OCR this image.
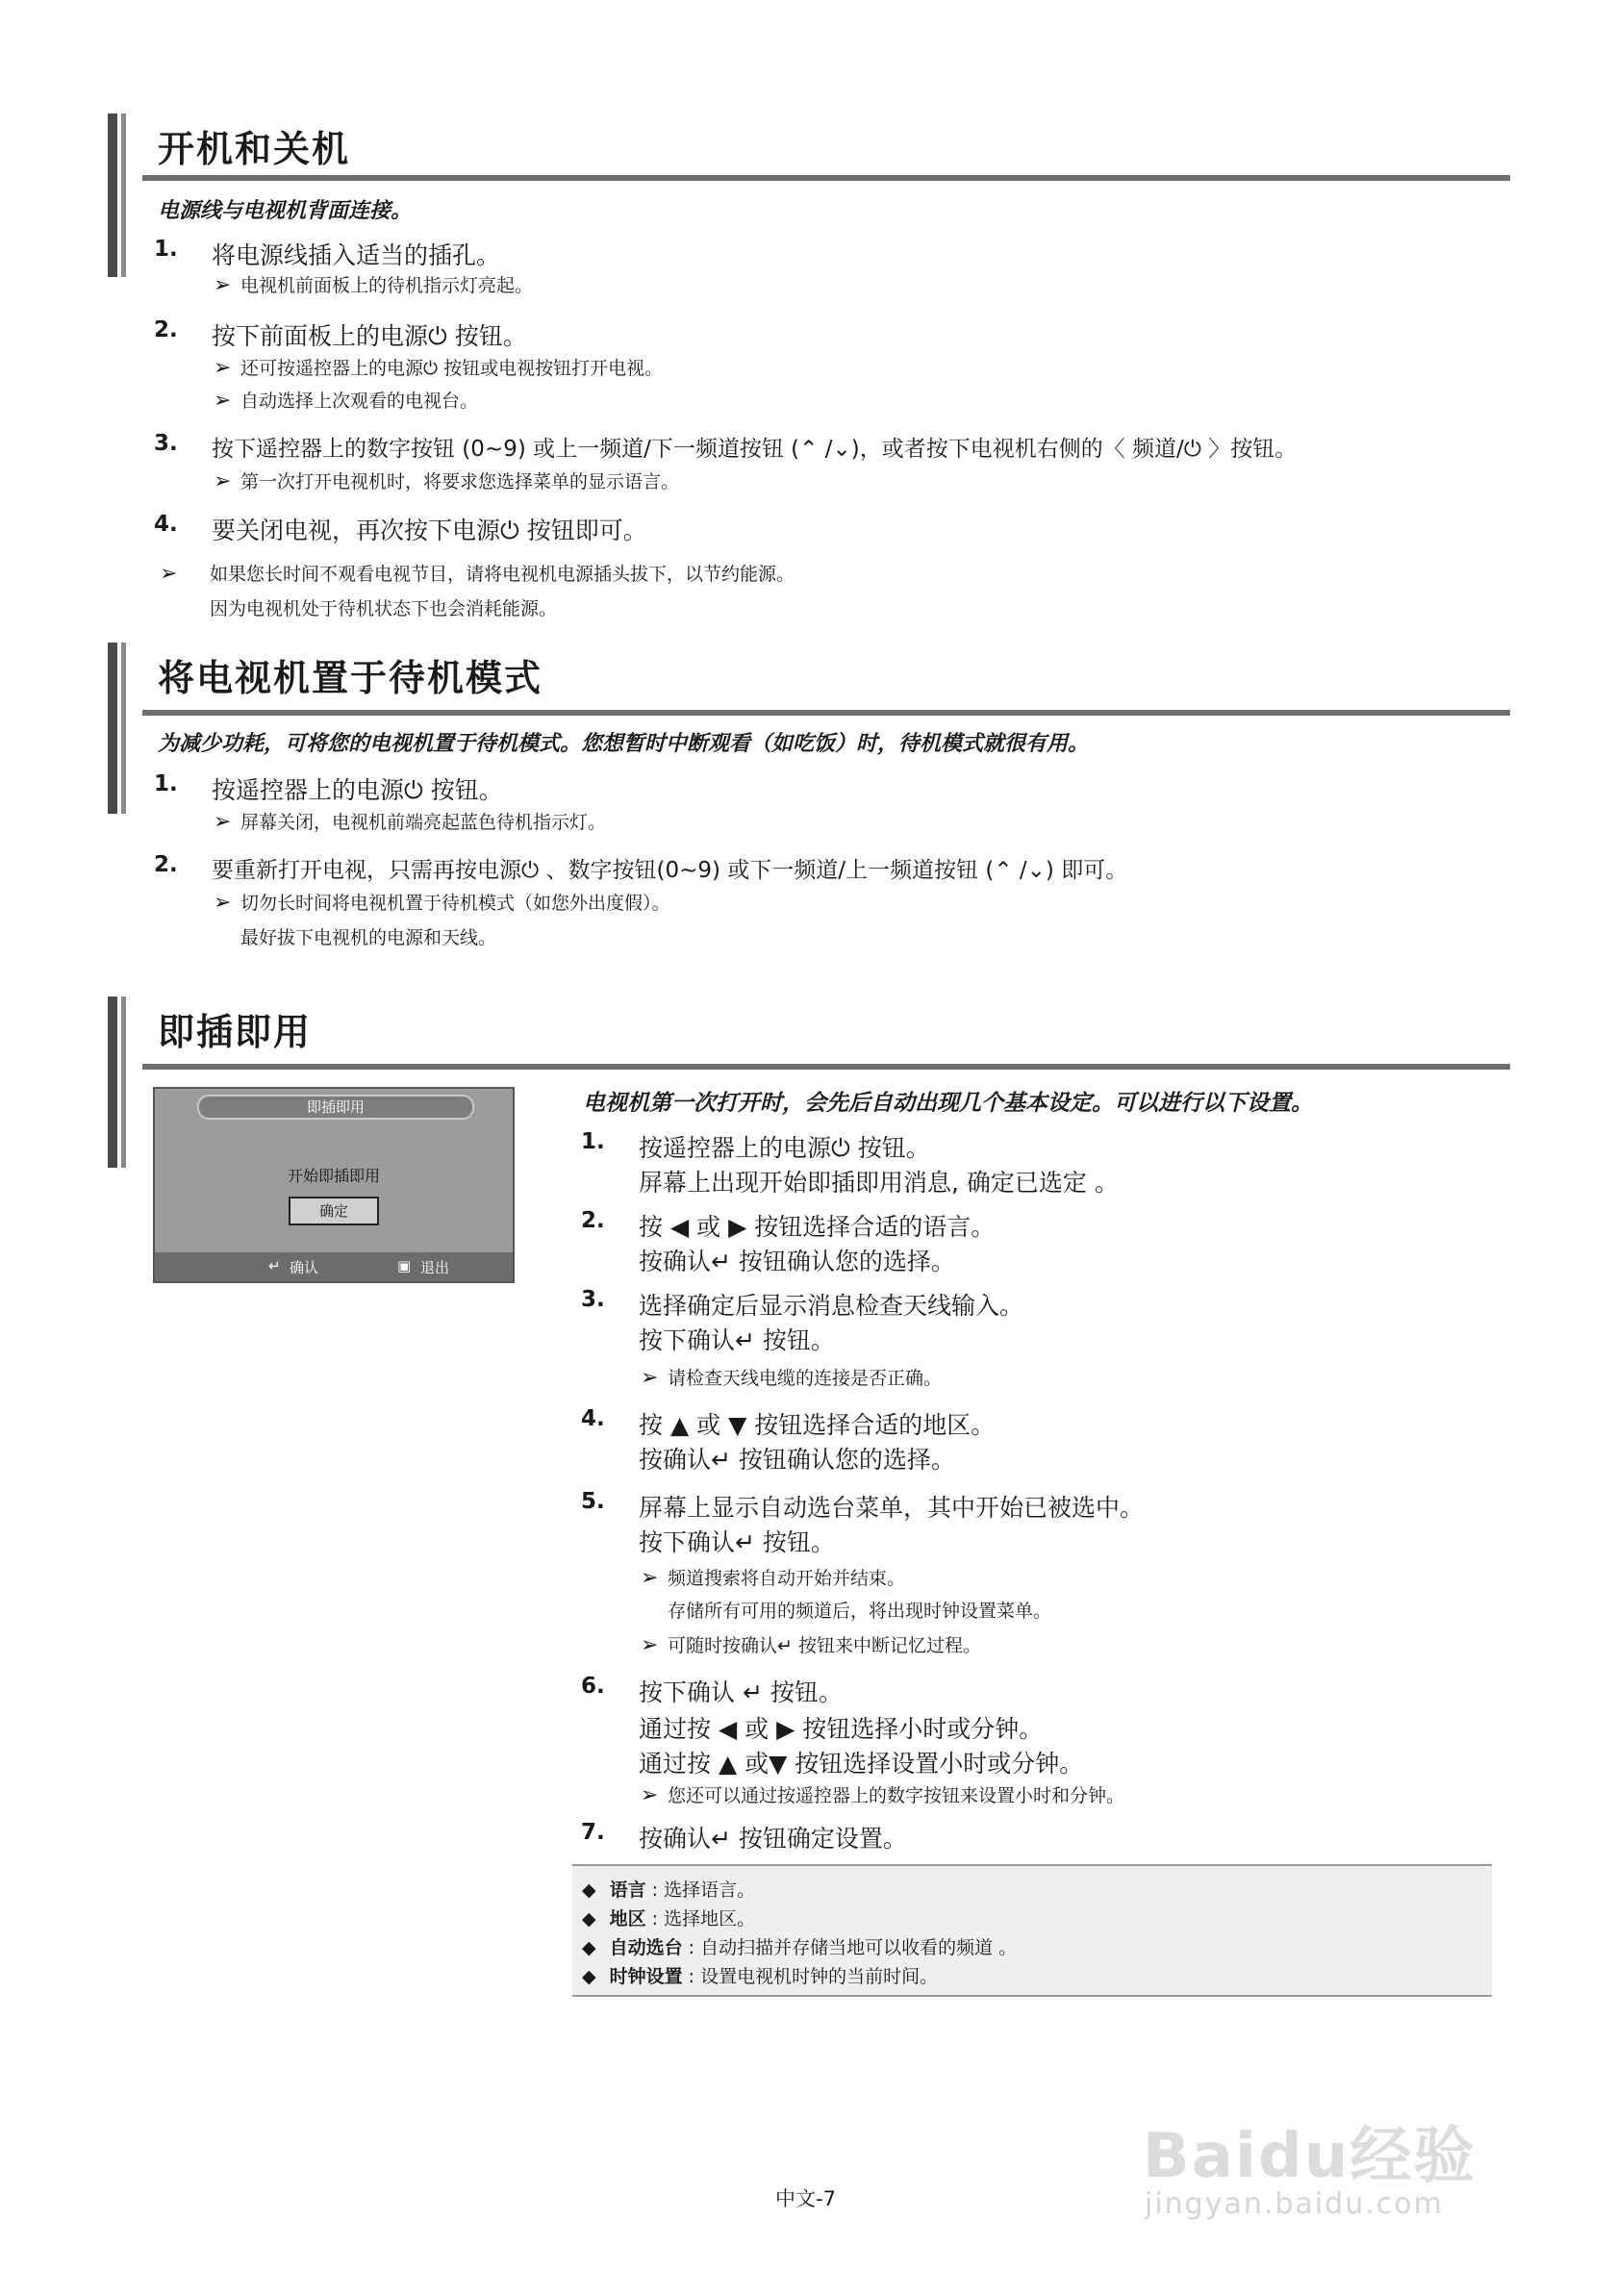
开机和关机
电源线与电视机背面连接。
1. 将电源线插入适当的插孔。
➢ 电视机前面板上的待机指示灯亮起。
2. 按下前面板上的电源⏻ 按钮。
➢ 还可按遥控器上的电源⏻ 按钮或电视按钮打开电视。
➢ 自动选择上次观看的电视台。
3. 按下遥控器上的数字按钮 (0~9) 或上一频道/下一频道按钮 (⌃ /⌄)，或者按下电视机右侧的〈 频道/⏻ 〉按钮。
➢ 第一次打开电视机时，将要求您选择菜单的显示语言。
4. 要关闭电视，再次按下电源⏻ 按钮即可。
➢ 如果您长时间不观看电视节目，请将电视机电源插头拔下，以节约能源。
因为电视机处于待机状态下也会消耗能源。
将电视机置于待机模式
为减少功耗，可将您的电视机置于待机模式。您想暂时中断观看（如吃饭）时，待机模式就很有用。
1. 按遥控器上的电源⏻ 按钮。
➢ 屏幕关闭，电视机前端亮起蓝色待机指示灯。
2. 要重新打开电视，只需再按电源⏻ 、数字按钮(0~9) 或下一频道/上一频道按钮 (⌃ /⌄) 即可。
➢ 切勿长时间将电视机置于待机模式（如您外出度假）。
最好拔下电视机的电源和天线。
即插即用
电视机第一次打开时，会先后自动出现几个基本设定。可以进行以下设置。
即插即用
开始即插即用
确定
↵ 确认	▣ 退出
1. 按遥控器上的电源⏻ 按钮。
屏幕上出现开始即插即用消息, 确定已选定 。
2. 按 ◀ 或 ▶ 按钮选择合适的语言。
按确认↵ 按钮确认您的选择。
3. 选择确定后显示消息检查天线输入。
按下确认↵ 按钮。
➢ 请检查天线电缆的连接是否正确。
4. 按 ▲ 或 ▼ 按钮选择合适的地区。
按确认↵ 按钮确认您的选择。
5. 屏幕上显示自动选台菜单，其中开始已被选中。
按下确认↵ 按钮。
➢ 频道搜索将自动开始并结束。
存储所有可用的频道后，将出现时钟设置菜单。
➢ 可随时按确认↵ 按钮来中断记忆过程。
6. 按下确认 ↵ 按钮。
通过按 ◀ 或 ▶ 按钮选择小时或分钟。
通过按 ▲ 或▼ 按钮选择设置小时或分钟。
➢ 您还可以通过按遥控器上的数字按钮来设置小时和分钟。
7. 按确认↵ 按钮确定设置。
◆ 语言 : 选择语言。
◆ 地区 : 选择地区。
◆ 自动选台 : 自动扫描并存储当地可以收看的频道 。
◆ 时钟设置 : 设置电视机时钟的当前时间。
中文-7
Baidu经验
jingyan.baidu.com
